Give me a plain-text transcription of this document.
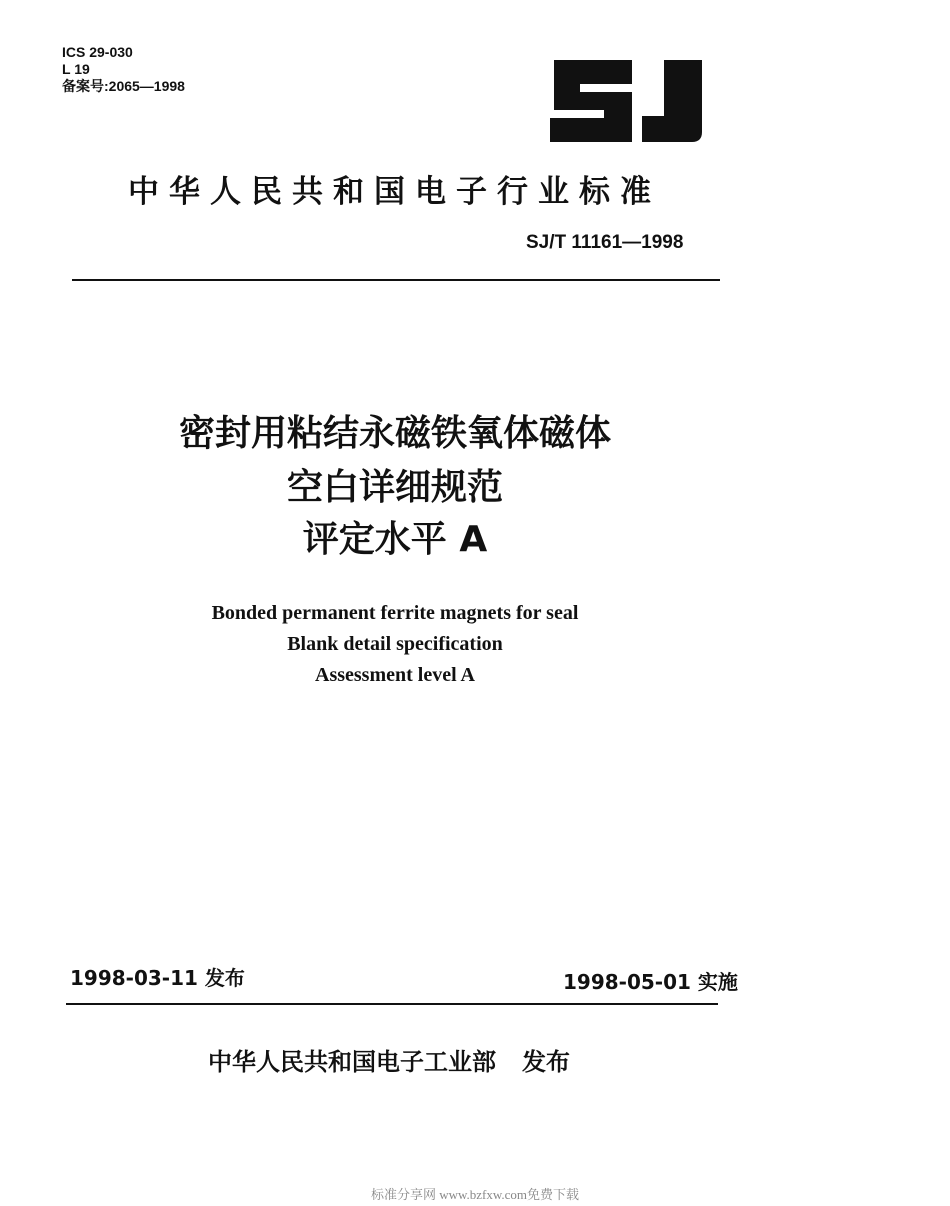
ICS 29-030
L 19
备案号:2065—1998
中华人民共和国电子行业标准
SJ/T 11161—1998
密封用粘结永磁铁氧体磁体
空白详细规范
评定水平 A
Bonded permanent ferrite magnets for seal
Blank detail specification
Assessment level A
1998-03-11 发布	1998-05-01 实施
中华人民共和国电子工业部 发布
标准分享网 www.bzfxw.com免费下载
